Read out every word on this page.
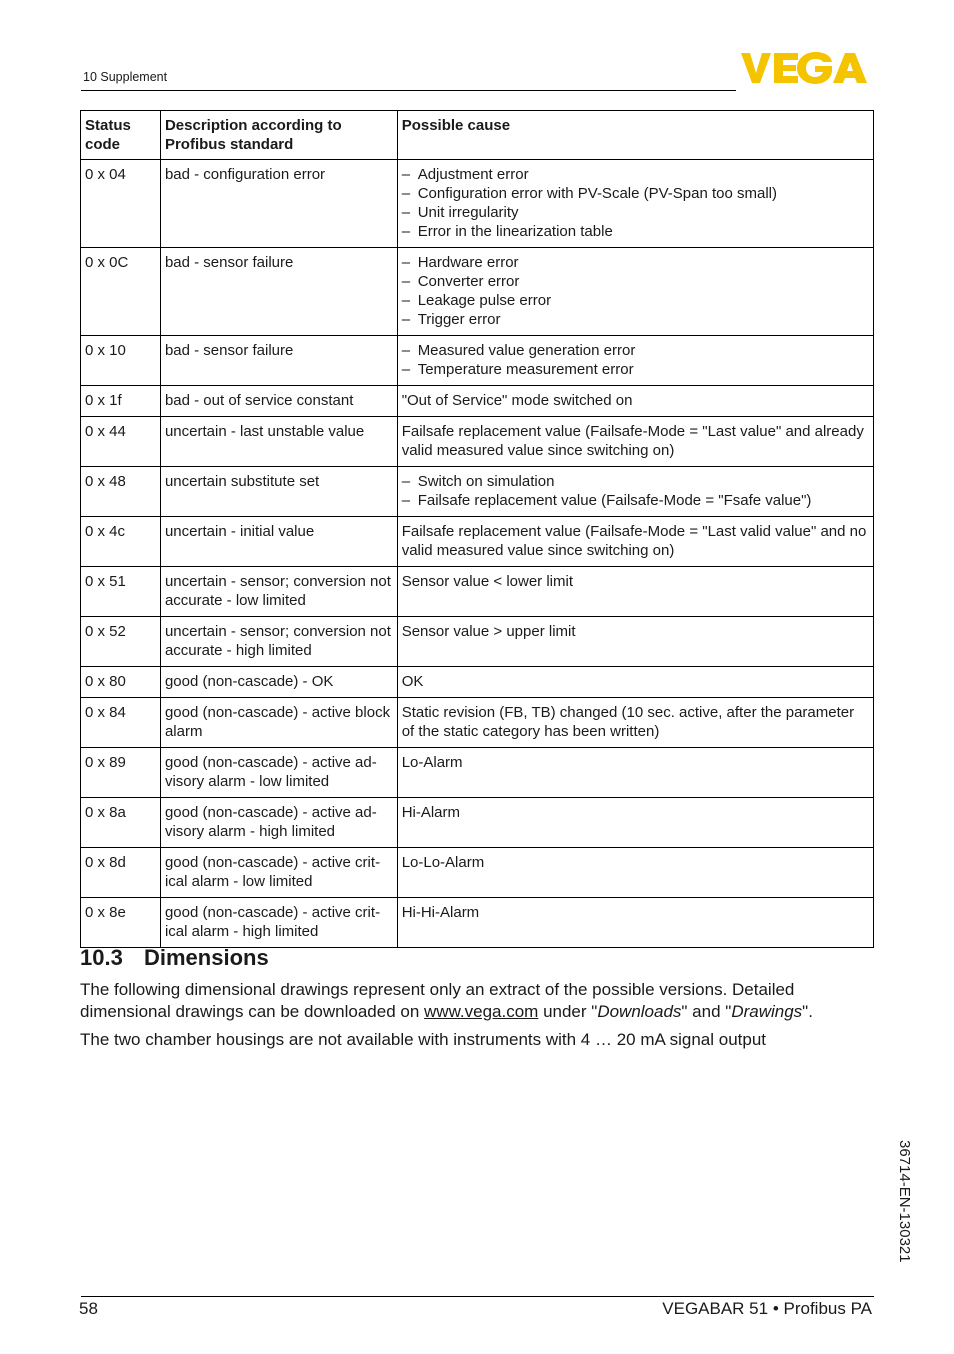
10 Supplement
Status code	Description according to Profibus standard	Possible cause
0 x 04	bad - configuration error	– Adjustment error
– Configuration error with PV-Scale (PV-Span too small)
– Unit irregularity
– Error in the linearization table

0 x 0C	bad - sensor failure	– Hardware error
– Converter error
– Leakage pulse error
– Trigger error

0 x 10	bad - sensor failure	– Measured value generation error
– Temperature measurement error

0 x 1f	bad - out of service constant	"Out of Service" mode switched on
0 x 44	uncertain - last unstable value	Failsafe replacement value (Failsafe-Mode = "Last value" and already valid measured value since switching on)
0 x 48	uncertain substitute set	– Switch on simulation
– Failsafe replacement value (Failsafe-Mode = "Fsafe value")

0 x 4c	uncertain - initial value	Failsafe replacement value (Failsafe-Mode = "Last valid value" and no valid measured value since switching on)
0 x 51	uncertain - sensor; conversion not accurate - low limited	Sensor value < lower limit
0 x 52	uncertain - sensor; conversion not accurate - high limited	Sensor value > upper limit
0 x 80	good (non-cascade) - OK	OK
0 x 84	good (non-cascade) - active block alarm	Static revision (FB, TB) changed (10 sec. active, after the parameter of the static category has been written)
0 x 89	good (non-cascade) - active advisory alarm - low limited	Lo-Alarm
0 x 8a	good (non-cascade) - active advisory alarm - high limited	Hi-Alarm
0 x 8d	good (non-cascade) - active critical alarm - low limited	Lo-Lo-Alarm
0 x 8e	good (non-cascade) - active critical alarm - high limited	Hi-Hi-Alarm
10.3 Dimensions

The following dimensional drawings represent only an extract of the possible versions. Detailed dimensional drawings can be downloaded on www.vega.com under "Downloads" and "Drawings".

The two chamber housings are not available with instruments with 4 … 20 mA signal output

36714-EN-130321
58	VEGABAR 51 • Profibus PA
